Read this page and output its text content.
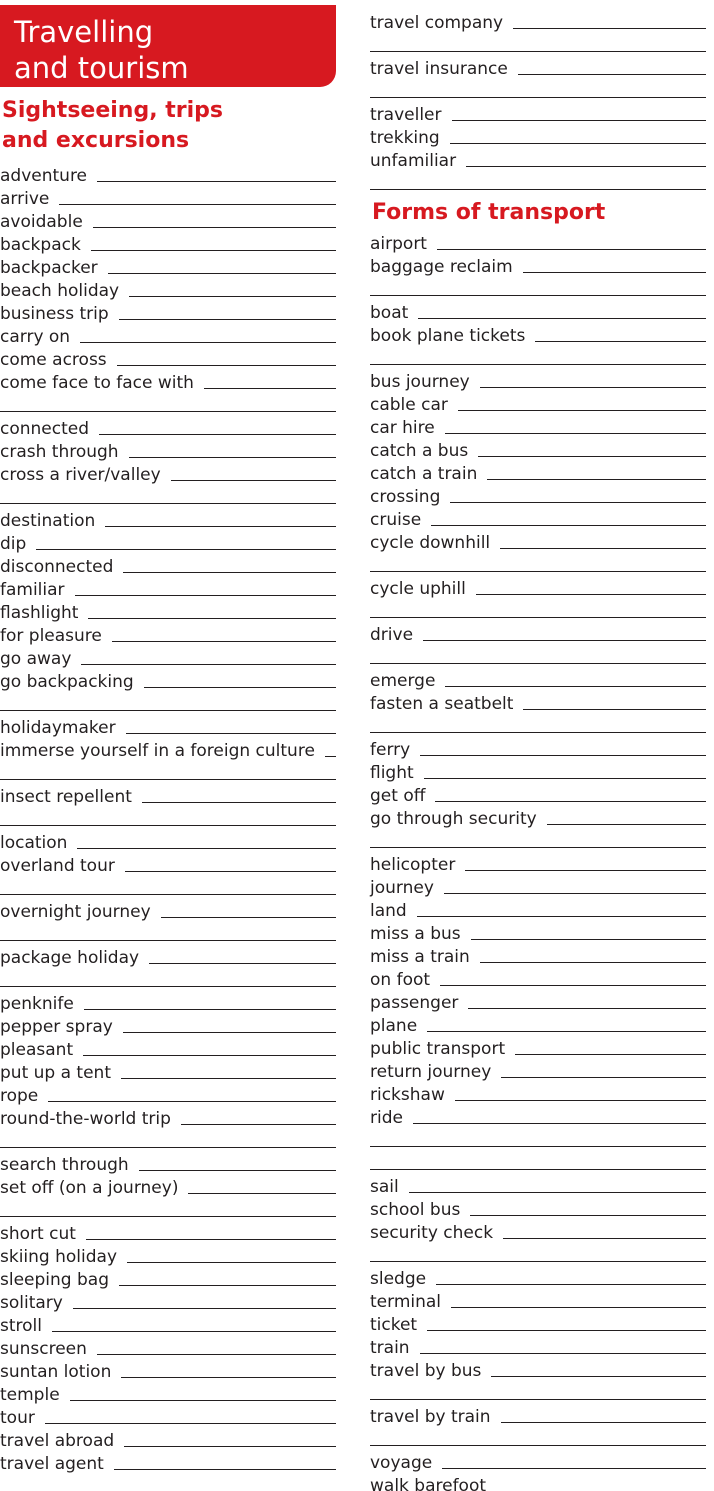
Travelling
and tourism
Sightseeing, trips
and excursions
adventure
arrive
avoidable
backpack
backpacker
beach holiday
business trip
carry on
come across
come face to face with
connected
crash through
cross a river/valley
destination
dip
disconnected
familiar
flashlight
for pleasure
go away
go backpacking
holidaymaker
immerse yourself in a foreign culture
insect repellent
location
overland tour
overnight journey
package holiday
penknife
pepper spray
pleasant
put up a tent
rope
round-the-world trip
search through
set off (on a journey)
short cut
skiing holiday
sleeping bag
solitary
stroll
sunscreen
suntan lotion
temple
tour
travel abroad
travel agent
travel company
travel insurance
traveller
trekking
unfamiliar
Forms of transport
airport
baggage reclaim
boat
book plane tickets
bus journey
cable car
car hire
catch a bus
catch a train
crossing
cruise
cycle downhill
cycle uphill
drive
emerge
fasten a seatbelt
ferry
flight
get off
go through security
helicopter
journey
land
miss a bus
miss a train
on foot
passenger
plane
public transport
return journey
rickshaw
ride
sail
school bus
security check
sledge
terminal
ticket
train
travel by bus
travel by train
voyage
walk barefoot
